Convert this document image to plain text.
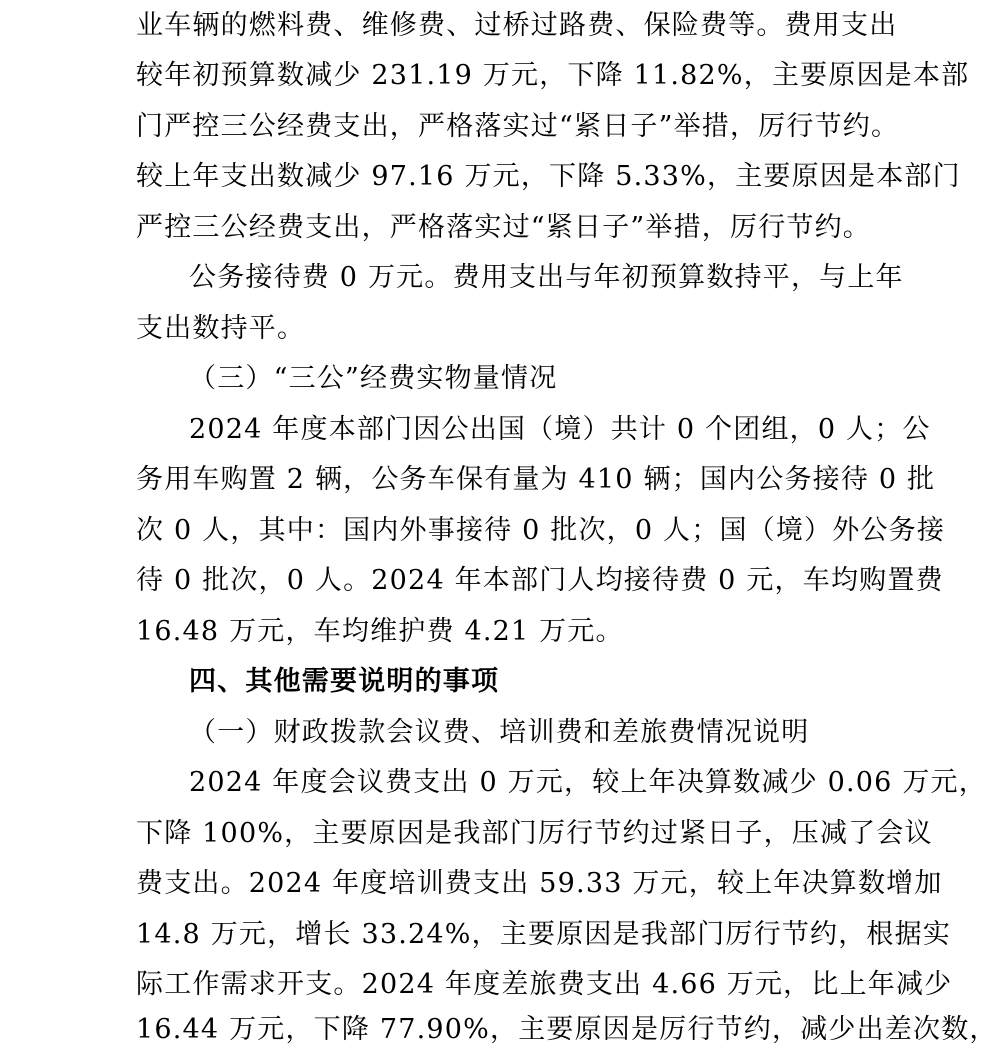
业车辆的燃料费、维修费、过桥过路费、保险费等。费用支出
较年初预算数减少 231.19 万元，下降 11.82%，主要原因是本部
门严控三公经费支出，严格落实过“紧日子”举措，厉行节约。
较上年支出数减少 97.16 万元，下降 5.33%，主要原因是本部门
严控三公经费支出，严格落实过“紧日子”举措，厉行节约。
公务接待费 0 万元。费用支出与年初预算数持平，与上年
支出数持平。
（三）“三公”经费实物量情况
2024 年度本部门因公出国（境）共计 0 个团组，0 人；公
务用车购置 2 辆，公务车保有量为 410 辆；国内公务接待 0 批
次 0 人，其中：国内外事接待 0 批次，0 人；国（境）外公务接
待 0 批次，0 人。2024 年本部门人均接待费 0 元，车均购置费
16.48 万元，车均维护费 4.21 万元。
四、其他需要说明的事项
（一）财政拨款会议费、培训费和差旅费情况说明
2024 年度会议费支出 0 万元，较上年决算数减少 0.06 万元，
下降 100%，主要原因是我部门厉行节约过紧日子，压减了会议
费支出。2024 年度培训费支出 59.33 万元，较上年决算数增加
14.8 万元，增长 33.24%，主要原因是我部门厉行节约，根据实
际工作需求开支。2024 年度差旅费支出 4.66 万元，比上年减少
16.44 万元，下降 77.90%，主要原因是厉行节约，减少出差次数，
